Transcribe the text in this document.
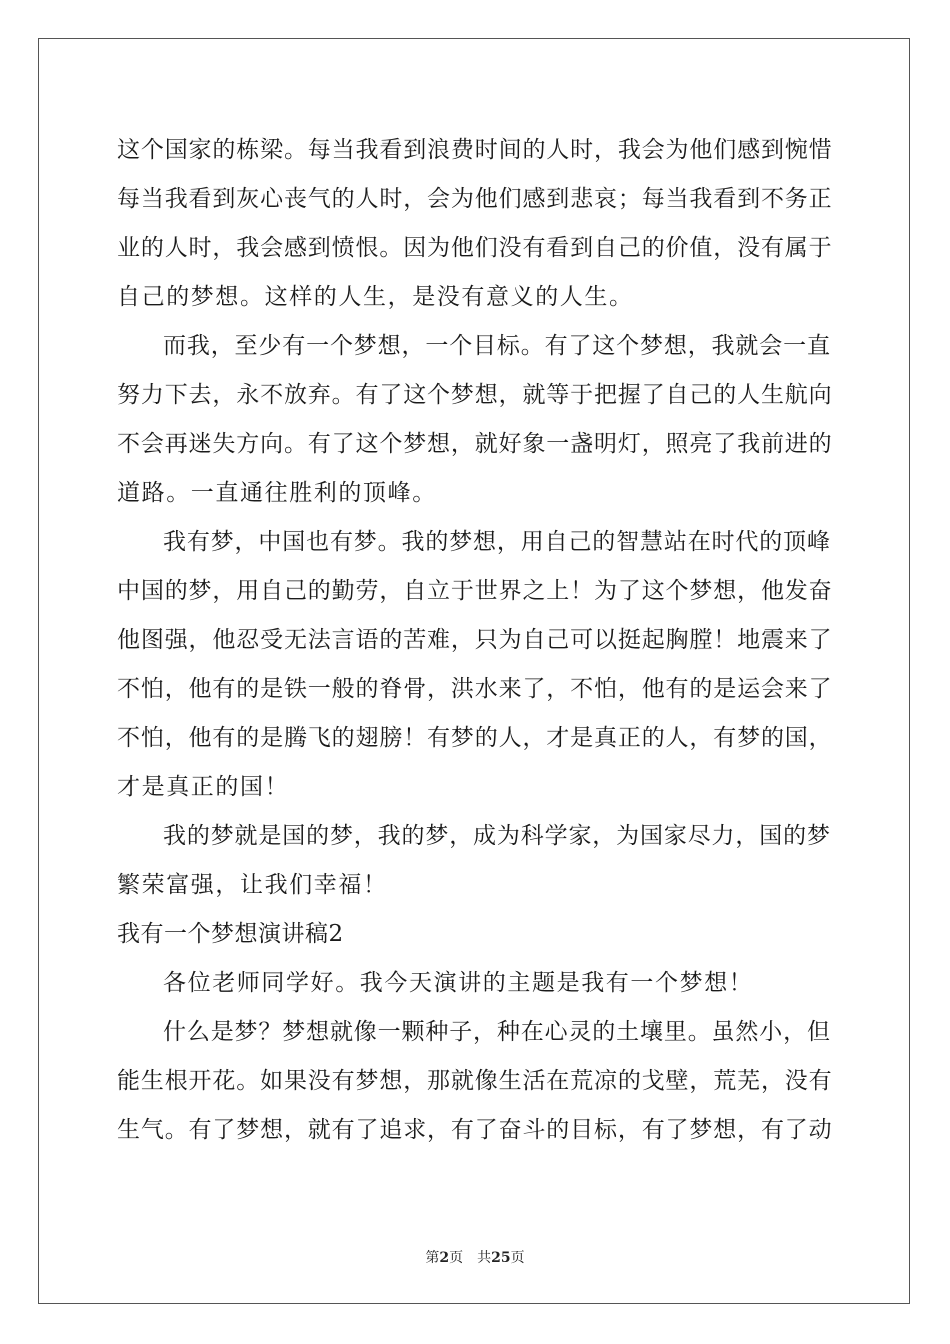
这个国家的栋梁。每当我看到浪费时间的人时，我会为他们感到惋惜
每当我看到灰心丧气的人时，会为他们感到悲哀；每当我看到不务正
业的人时，我会感到愤恨。因为他们没有看到自己的价值，没有属于
自己的梦想。这样的人生，是没有意义的人生。
而我，至少有一个梦想，一个目标。有了这个梦想，我就会一直
努力下去，永不放弃。有了这个梦想，就等于把握了自己的人生航向
不会再迷失方向。有了这个梦想，就好象一盏明灯，照亮了我前进的
道路。一直通往胜利的顶峰。
我有梦，中国也有梦。我的梦想，用自己的智慧站在时代的顶峰
中国的梦，用自己的勤劳，自立于世界之上！为了这个梦想，他发奋
他图强，他忍受无法言语的苦难，只为自己可以挺起胸膛！地震来了
不怕，他有的是铁一般的脊骨，洪水来了，不怕，他有的是运会来了
不怕，他有的是腾飞的翅膀！有梦的人，才是真正的人，有梦的国，
才是真正的国！
我的梦就是国的梦，我的梦，成为科学家，为国家尽力，国的梦
繁荣富强，让我们幸福！
我有一个梦想演讲稿2
各位老师同学好。我今天演讲的主题是我有一个梦想！
什么是梦？梦想就像一颗种子，种在心灵的土壤里。虽然小，但
能生根开花。如果没有梦想，那就像生活在荒凉的戈壁，荒芜，没有
生气。有了梦想，就有了追求，有了奋斗的目标，有了梦想，有了动
第2页 共25页
